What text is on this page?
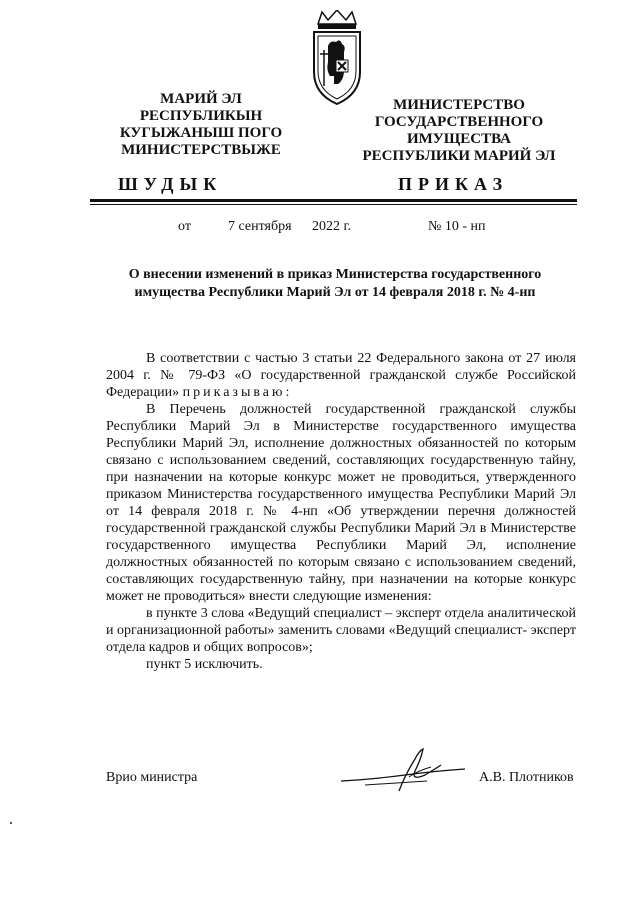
МАРИЙ ЭЛ
РЕСПУБЛИКЫН
КУГЫЖАНЫШ ПОГО
МИНИСТЕРСТВЫЖЕ
МИНИСТЕРСТВО
ГОСУДАРСТВЕННОГО
ИМУЩЕСТВА
РЕСПУБЛИКИ МАРИЙ ЭЛ
ШУДЫК	ПРИКАЗ
от	7 сентября 2022 г.	№ 10 - нп
О внесении изменений в приказ Министерства государственного
имущества Республики Марий Эл от 14 февраля 2018 г. № 4-нп

В соответствии с частью 3 статьи 22 Федерального закона от 27 июля 2004 г. № 79-ФЗ «О государственной гражданской службе Российской Федерации» приказываю:

В Перечень должностей государственной гражданской службы Республики Марий Эл в Министерстве государственного имущества Республики Марий Эл, исполнение должностных обязанностей по которым связано с использованием сведений, составляющих государственную тайну, при назначении на которые конкурс может не проводиться, утвержденного приказом Министерства государственного имущества Республики Марий Эл от 14 февраля 2018 г. № 4-нп «Об утверждении перечня должностей государственной гражданской службы Республики Марий Эл в Министерстве государственного имущества Республики Марий Эл, исполнение должностных обязанностей по которым связано с использованием сведений, составляющих государственную тайну, при назначении на которые конкурс может не проводиться» внести следующие изменения:

в пункте 3 слова «Ведущий специалист – эксперт отдела аналитической и организационной работы» заменить словами «Ведущий специалист- эксперт отдела кадров и общих вопросов»;

пункт 5 исключить.

Врио министра	А.В. Плотников
